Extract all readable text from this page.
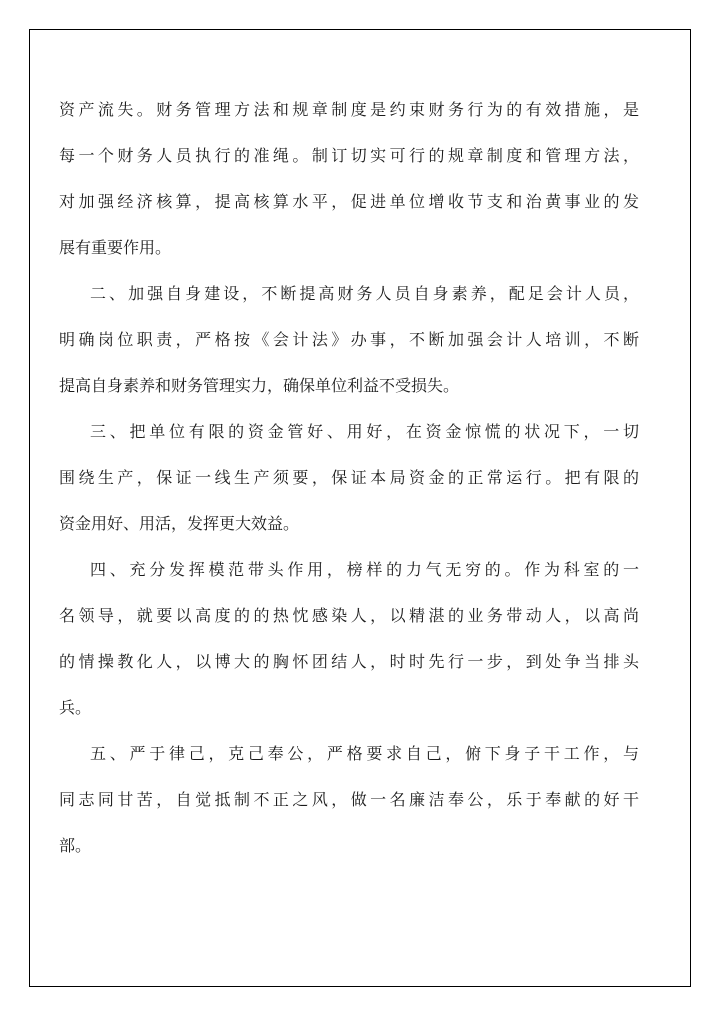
资产流失。财务管理方法和规章制度是约束财务行为的有效措施，是
每一个财务人员执行的准绳。制订切实可行的规章制度和管理方法，
对加强经济核算，提高核算水平，促进单位增收节支和治黄事业的发
展有重要作用。
二、加强自身建设，不断提高财务人员自身素养，配足会计人员，
明确岗位职责，严格按《会计法》办事，不断加强会计人培训，不断
提高自身素养和财务管理实力，确保单位利益不受损失。
三、把单位有限的资金管好、用好，在资金惊慌的状况下，一切
围绕生产，保证一线生产须要，保证本局资金的正常运行。把有限的
资金用好、用活，发挥更大效益。
四、充分发挥模范带头作用，榜样的力气无穷的。作为科室的一
名领导，就要以高度的的热忱感染人，以精湛的业务带动人，以高尚
的情操教化人，以博大的胸怀团结人，时时先行一步，到处争当排头
兵。
五、严于律己，克己奉公，严格要求自己，俯下身子干工作，与
同志同甘苦，自觉抵制不正之风，做一名廉洁奉公，乐于奉献的好干
部。
